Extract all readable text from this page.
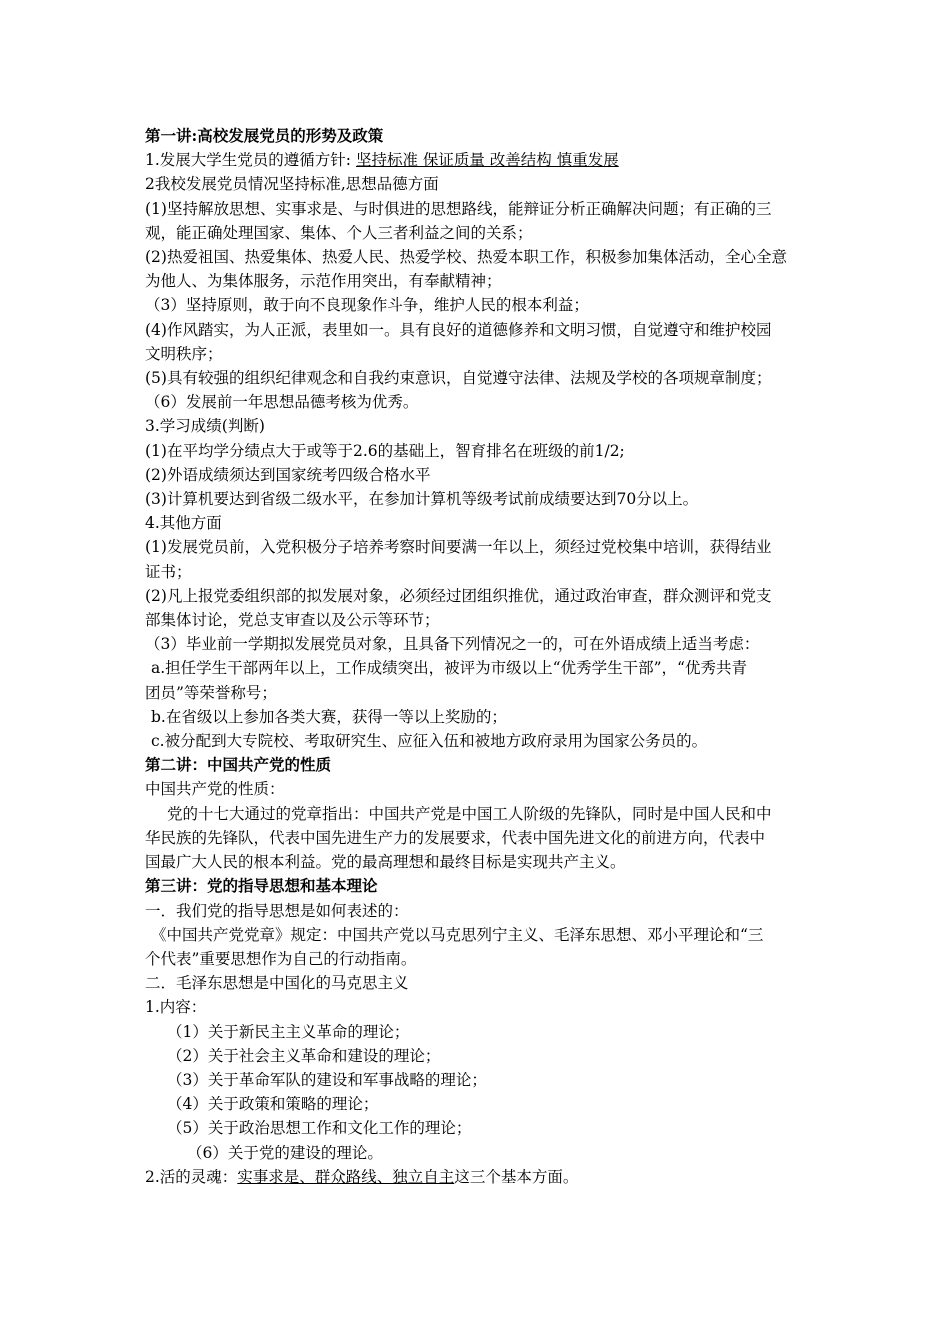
第一讲:高校发展党员的形势及政策
1.发展大学生党员的遵循方针: 坚持标准 保证质量 改善结构 慎重发展
2我校发展党员情况坚持标准,思想品德方面
(1)坚持解放思想、实事求是、与时俱进的思想路线，能辩证分析正确解决问题；有正确的三
观，能正确处理国家、集体、个人三者利益之间的关系；
(2)热爱祖国、热爱集体、热爱人民、热爱学校、热爱本职工作，积极参加集体活动，全心全意
为他人、为集体服务，示范作用突出，有奉献精神；
（3）坚持原则，敢于向不良现象作斗争，维护人民的根本利益；
(4)作风踏实，为人正派，表里如一。具有良好的道德修养和文明习惯，自觉遵守和维护校园
文明秩序；
(5)具有较强的组织纪律观念和自我约束意识，自觉遵守法律、法规及学校的各项规章制度；
（6）发展前一年思想品德考核为优秀。
3.学习成绩(判断)
(1)在平均学分绩点大于或等于2.6的基础上，智育排名在班级的前1/2;
(2)外语成绩须达到国家统考四级合格水平
(3)计算机要达到省级二级水平，在参加计算机等级考试前成绩要达到70分以上。
4.其他方面
(1)发展党员前，入党积极分子培养考察时间要满一年以上，须经过党校集中培训，获得结业
证书；
(2)凡上报党委组织部的拟发展对象，必须经过团组织推优，通过政治审查，群众测评和党支
部集体讨论，党总支审查以及公示等环节；
（3）毕业前一学期拟发展党员对象，且具备下列情况之一的，可在外语成绩上适当考虑：
a.担任学生干部两年以上，工作成绩突出，被评为市级以上“优秀学生干部”，“优秀共青
团员”等荣誉称号；
b.在省级以上参加各类大赛，获得一等以上奖励的；
c.被分配到大专院校、考取研究生、应征入伍和被地方政府录用为国家公务员的。
第二讲：中国共产党的性质
中国共产党的性质：
党的十七大通过的党章指出：中国共产党是中国工人阶级的先锋队，同时是中国人民和中
华民族的先锋队，代表中国先进生产力的发展要求，代表中国先进文化的前进方向，代表中
国最广大人民的根本利益。党的最高理想和最终目标是实现共产主义。
第三讲：党的指导思想和基本理论
一．我们党的指导思想是如何表述的：
《中国共产党党章》规定：中国共产党以马克思列宁主义、毛泽东思想、邓小平理论和“三
个代表”重要思想作为自己的行动指南。
二．毛泽东思想是中国化的马克思主义
1.内容：
（1）关于新民主主义革命的理论；
（2）关于社会主义革命和建设的理论；
（3）关于革命军队的建设和军事战略的理论；
（4）关于政策和策略的理论；
（5）关于政治思想工作和文化工作的理论；
（6）关于党的建设的理论。
2.活的灵魂：实事求是、群众路线、独立自主这三个基本方面。
